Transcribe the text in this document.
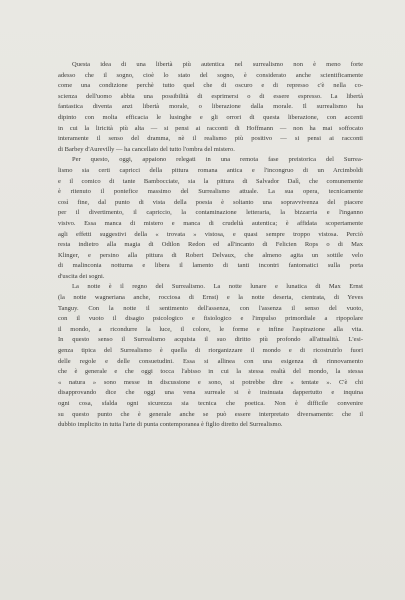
Questa idea di una libertà più autentica nel surrealismo non è meno forte
adesso che il sogno, cioè lo stato del sogno, è considerato anche scientificamente
come una condizione perchè tutto quel che di oscuro e di represso c'è nella co-
scienza dell'uomo abbia una possibilità di esprimersi o di essere espresso. La libertà
fantastica diventa anzi libertà morale, o liberazione dalla morale. Il surrealismo ha
dipinto con molta efficacia le lusinghe e gli orrori di questa liberazione, con accenti
in cui la liricità più alta — si pensi ai racconti di Hoffmann — non ha mai soffocato
interamente il senso del dramma, nè il realismo più positivo — si pensi ai racconti
di Barbey d'Aurevilly — ha cancellato del tutto l'ombra del mistero.
Per questo, oggi, appaiono relegati in una remota fase preistorica del Surrea-
lismo sia certi capricci della pittura romana antica e l'incongruo di un Arcimboldi
e il comico di tante Bambocciate, sia la pittura di Salvador Dalì, che comunemente
è ritenuto il pontefice massimo del Surrealismo attuale. La sua opera, tecnicamente
così fine, dal punto di vista della poesia è soltanto una sopravvivenza del piacere
per il divertimento, il capriccio, la contaminazione letteraria, la bizzarria e l'inganno
visivo. Essa manca di mistero e manca di crudeltà autentica; è affidata scopertamente
agli effetti suggestivi della « trovata » vistosa, e quasi sempre troppo vistosa. Perciò
resta indietro alla magia di Odilon Redon ed all'incanto di Felicien Rops o di Max
Klinger, e persino alla pittura di Robert Delvaux, che almeno agita un sottile velo
di malinconia notturna e libera il lamento di tanti incontri fantomatici sulla porta
d'uscita dei sogni.
La notte è il regno del Surrealismo. La notte lunare e lunatica di Max Ernst
(la notte wagneriana anche, rocciosa di Ernst) e la notte deserta, cientrata, di Yeves
Tanguy. Con la notte il sentimento dell'assenza, con l'assenza il senso del vuoto,
con il vuoto il disagio psicologico e fisiologico e l'impulso primordiale a ripopolare
il mondo, a ricondurre la luce, il colore, le forme e infine l'aspirazione alla vita.
In questo senso il Surrealismo acquista il suo diritto più profondo all'attualità. L'esi-
genza tipica del Surrealismo è quella di riorganizzare il mondo e di ricostruirlo fuori
delle regole e delle consuetudini. Essa si allinea con una esigenza di rinnovamento
che è generale e che oggi tocca l'abisso in cui la stessa realtà del mondo, la stessa
« natura » sono messe in discussione e sono, si potrebbe dire « tentate ». C'è chi
disapprovando dice che oggi una vena surreale si è insinuata dappertutto e inquina
ogni cosa, sfalda ogni sicurezza sia tecnica che poetica. Non è difficile convenire
su questo punto che è generale anche se può essere interpretato diversamente: che il
dubbio implicito in tutta l'arte di punta contemporanea è figlio diretto del Surrealismo.
